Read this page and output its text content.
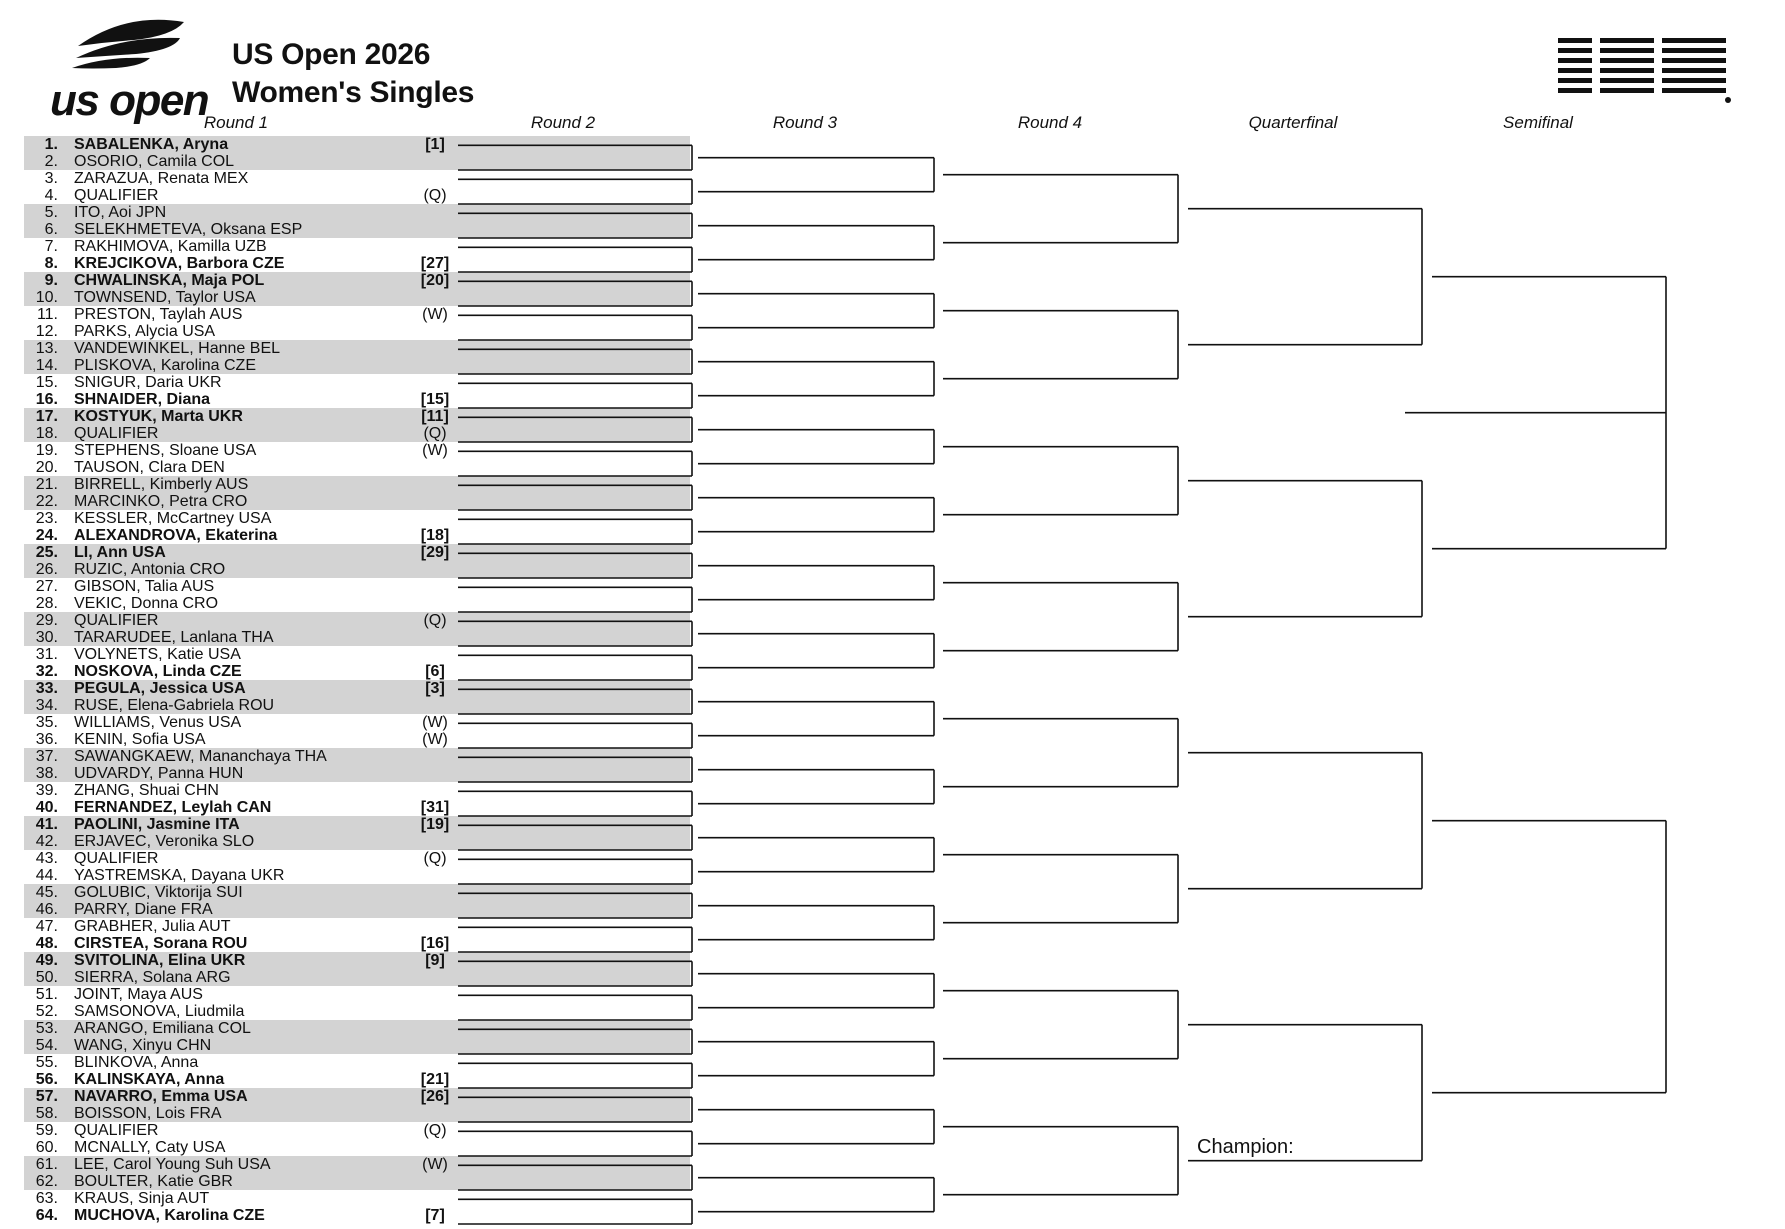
us open
US Open 2026
Women's Singles
Round 1	Round 2	Round 3	Round 4	Quarterfinal	Semifinal
1. SABALENKA, Aryna	[1]
2. OSORIO, Camila COL
3. ZARAZUA, Renata MEX
4. QUALIFIER	(Q)
5. ITO, Aoi JPN
6. SELEKHMETEVA, Oksana ESP
7. RAKHIMOVA, Kamilla UZB
8. KREJCIKOVA, Barbora CZE	[27]
9. CHWALINSKA, Maja POL	[20]
10. TOWNSEND, Taylor USA
11. PRESTON, Taylah AUS	(W)
12. PARKS, Alycia USA
13. VANDEWINKEL, Hanne BEL
14. PLISKOVA, Karolina CZE
15. SNIGUR, Daria UKR
16. SHNAIDER, Diana	[15]
17. KOSTYUK, Marta UKR	[11]
18. QUALIFIER	(Q)
19. STEPHENS, Sloane USA	(W)
20. TAUSON, Clara DEN
21. BIRRELL, Kimberly AUS
22. MARCINKO, Petra CRO
23. KESSLER, McCartney USA
24. ALEXANDROVA, Ekaterina	[18]
25. LI, Ann USA	[29]
26. RUZIC, Antonia CRO
27. GIBSON, Talia AUS
28. VEKIC, Donna CRO
29. QUALIFIER	(Q)
30. TARARUDEE, Lanlana THA
31. VOLYNETS, Katie USA
32. NOSKOVA, Linda CZE	[6]
33. PEGULA, Jessica USA	[3]
34. RUSE, Elena-Gabriela ROU
35. WILLIAMS, Venus USA	(W)
36. KENIN, Sofia USA	(W)
37. SAWANGKAEW, Mananchaya THA
38. UDVARDY, Panna HUN
39. ZHANG, Shuai CHN
40. FERNANDEZ, Leylah CAN	[31]
41. PAOLINI, Jasmine ITA	[19]
42. ERJAVEC, Veronika SLO
43. QUALIFIER	(Q)
44. YASTREMSKA, Dayana UKR
45. GOLUBIC, Viktorija SUI
46. PARRY, Diane FRA
47. GRABHER, Julia AUT
48. CIRSTEA, Sorana ROU	[16]
49. SVITOLINA, Elina UKR	[9]
50. SIERRA, Solana ARG
51. JOINT, Maya AUS
52. SAMSONOVA, Liudmila
53. ARANGO, Emiliana COL
54. WANG, Xinyu CHN
55. BLINKOVA, Anna
56. KALINSKAYA, Anna	[21]
57. NAVARRO, Emma USA	[26]
58. BOISSON, Lois FRA
59. QUALIFIER	(Q)
60. MCNALLY, Caty USA
61. LEE, Carol Young Suh USA	(W)
62. BOULTER, Katie GBR
63. KRAUS, Sinja AUT
64. MUCHOVA, Karolina CZE	[7]
Champion:
